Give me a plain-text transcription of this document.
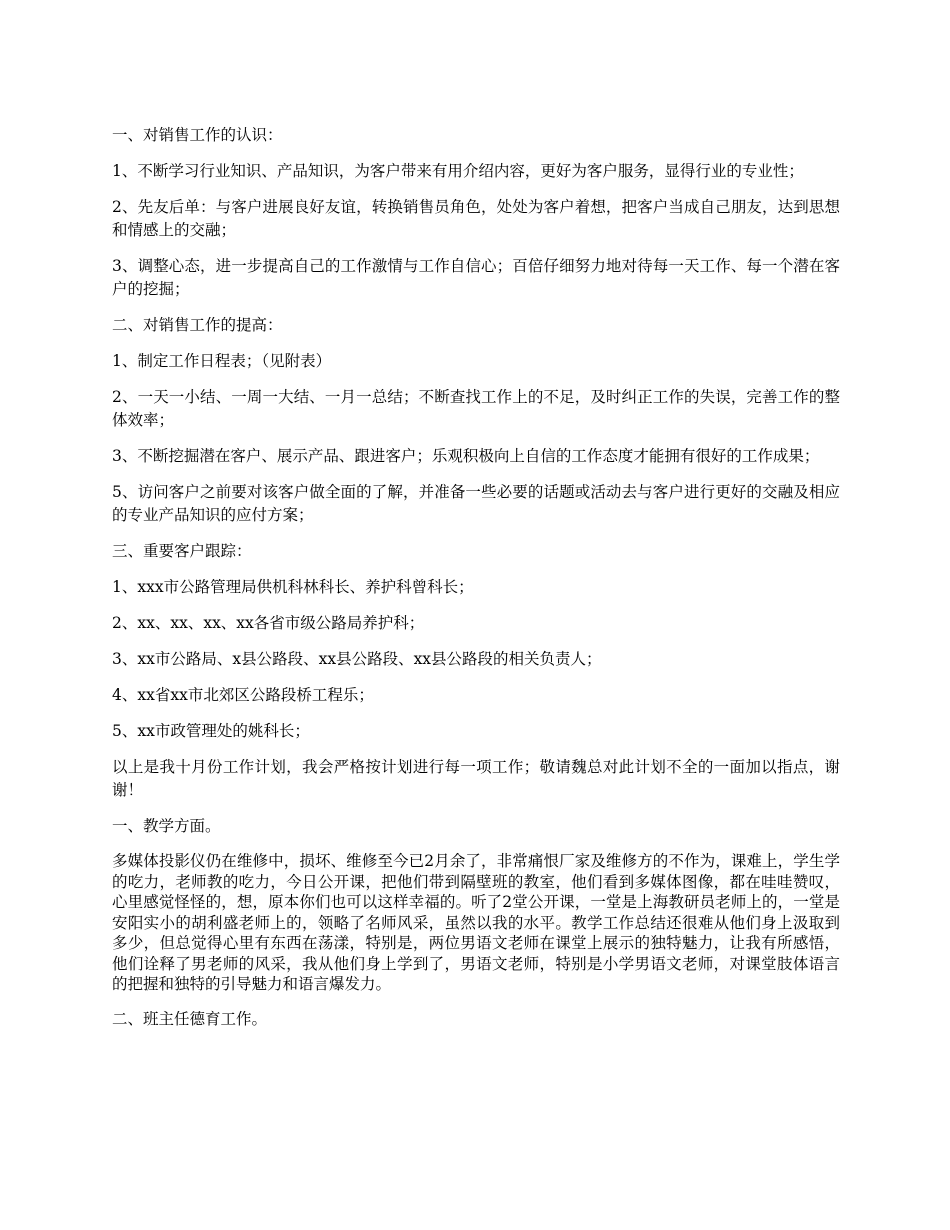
一、对销售工作的认识：

1、不断学习行业知识、产品知识，为客户带来有用介绍内容，更好为客户服务，显得行业的专业性；

2、先友后单：与客户进展良好友谊，转换销售员角色，处处为客户着想，把客户当成自己朋友，达到思想和情感上的交融；

3、调整心态，进一步提高自己的工作激情与工作自信心；百倍仔细努力地对待每一天工作、每一个潜在客户的挖掘；

二、对销售工作的提高：

1、制定工作日程表；（见附表）

2、一天一小结、一周一大结、一月一总结；不断查找工作上的不足，及时纠正工作的失误，完善工作的整体效率；

3、不断挖掘潜在客户、展示产品、跟进客户；乐观积极向上自信的工作态度才能拥有很好的工作成果；

5、访问客户之前要对该客户做全面的了解，并准备一些必要的话题或活动去与客户进行更好的交融及相应的专业产品知识的应付方案；

三、重要客户跟踪：

1、xxx市公路管理局供机科林科长、养护科曾科长；

2、xx、xx、xx、xx各省市级公路局养护科；

3、xx市公路局、x县公路段、xx县公路段、xx县公路段的相关负责人；

4、xx省xx市北郊区公路段桥工程乐；

5、xx市政管理处的姚科长；

以上是我十月份工作计划，我会严格按计划进行每一项工作；敬请魏总对此计划不全的一面加以指点，谢谢！

一、教学方面。

多媒体投影仪仍在维修中，损坏、维修至今已2月余了，非常痛恨厂家及维修方的不作为，课难上，学生学的吃力，老师教的吃力，今日公开课，把他们带到隔壁班的教室，他们看到多媒体图像，都在哇哇赞叹，心里感觉怪怪的，想，原本你们也可以这样幸福的。听了2堂公开课，一堂是上海教研员老师上的，一堂是安阳实小的胡利盛老师上的，领略了名师风采，虽然以我的水平。教学工作总结还很难从他们身上汲取到多少，但总觉得心里有东西在荡漾，特别是，两位男语文老师在课堂上展示的独特魅力，让我有所感悟，他们诠释了男老师的风采，我从他们身上学到了，男语文老师，特别是小学男语文老师，对课堂肢体语言的把握和独特的引导魅力和语言爆发力。

二、班主任德育工作。
